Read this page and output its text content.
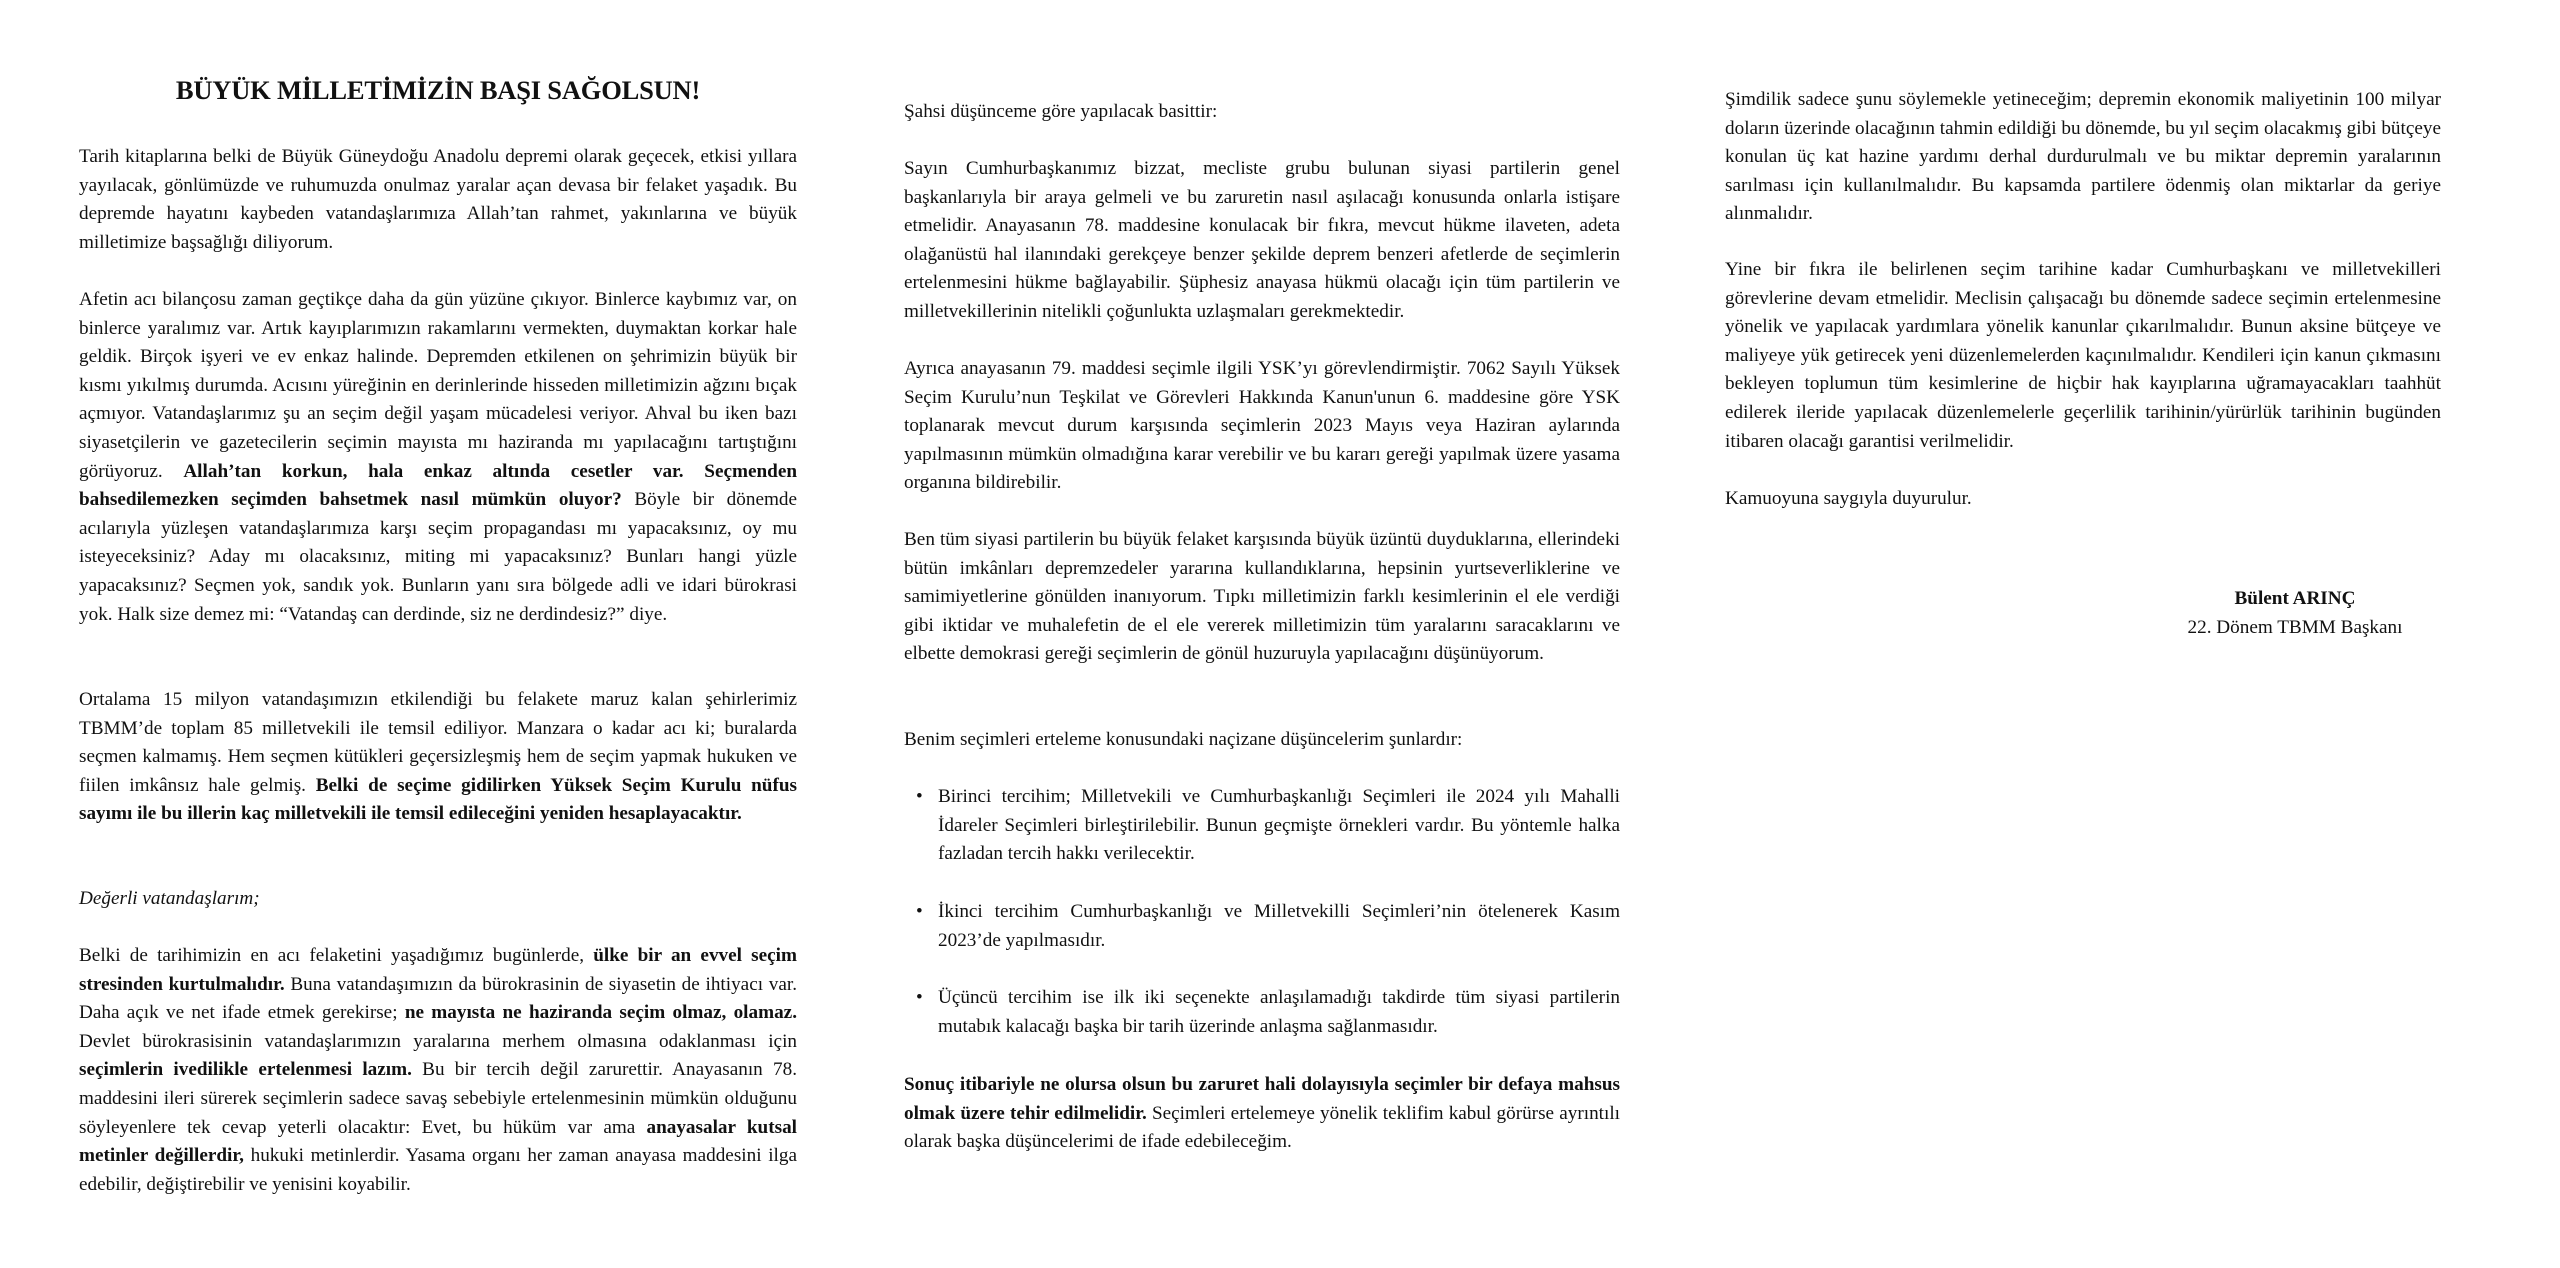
BÜYÜK MİLLETİMİZİN BAŞI SAĞOLSUN!

Tarih kitaplarına belki de Büyük Güneydoğu Anadolu depremi olarak geçecek, etkisi yıllara yayılacak, gönlümüzde ve ruhumuzda onulmaz yaralar açan devasa bir felaket yaşadık. Bu depremde hayatını kaybeden vatandaşlarımıza Allah’tan rahmet, yakınlarına ve büyük milletimize başsağlığı diliyorum.

Afetin acı bilançosu zaman geçtikçe daha da gün yüzüne çıkıyor. Binlerce kaybımız var, on binlerce yaralımız var. Artık kayıplarımızın rakamlarını vermekten, duymaktan korkar hale geldik. Birçok işyeri ve ev enkaz halinde. Depremden etkilenen on şehrimizin büyük bir kısmı yıkılmış durumda. Acısını yüreğinin en derinlerinde hisseden milletimizin ağzını bıçak açmıyor. Vatandaşlarımız şu an seçim değil yaşam mücadelesi veriyor. Ahval bu iken bazı siyasetçilerin ve gazetecilerin seçimin mayısta mı haziranda mı yapılacağını tartıştığını görüyoruz. Allah’tan korkun, hala enkaz altında cesetler var. Seçmenden bahsedilemezken seçimden bahsetmek nasıl mümkün oluyor? Böyle bir dönemde acılarıyla yüzleşen vatandaşlarımıza karşı seçim propagandası mı yapacaksınız, oy mu isteyeceksiniz? Aday mı olacaksınız, miting mi yapacaksınız? Bunları hangi yüzle yapacaksınız? Seçmen yok, sandık yok. Bunların yanı sıra bölgede adli ve idari bürokrasi yok. Halk size demez mi: “Vatandaş can derdinde, siz ne derdindesiz?” diye.

Ortalama 15 milyon vatandaşımızın etkilendiği bu felakete maruz kalan şehirlerimiz TBMM’de toplam 85 milletvekili ile temsil ediliyor. Manzara o kadar acı ki; buralarda seçmen kalmamış. Hem seçmen kütükleri geçersizleşmiş hem de seçim yapmak hukuken ve fiilen imkânsız hale gelmiş. Belki de seçime gidilirken Yüksek Seçim Kurulu nüfus sayımı ile bu illerin kaç milletvekili ile temsil edileceğini yeniden hesaplayacaktır.

Değerli vatandaşlarım;

Belki de tarihimizin en acı felaketini yaşadığımız bugünlerde, ülke bir an evvel seçim stresinden kurtulmalıdır. Buna vatandaşımızın da bürokrasinin de siyasetin de ihtiyacı var. Daha açık ve net ifade etmek gerekirse; ne mayısta ne haziranda seçim olmaz, olamaz. Devlet bürokrasisinin vatandaşlarımızın yaralarına merhem olmasına odaklanması için seçimlerin ivedilikle ertelenmesi lazım. Bu bir tercih değil zarurettir. Anayasanın 78. maddesini ileri sürerek seçimlerin sadece savaş sebebiyle ertelenmesinin mümkün olduğunu söyleyenlere tek cevap yeterli olacaktır: Evet, bu hüküm var ama anayasalar kutsal metinler değillerdir, hukuki metinlerdir. Yasama organı her zaman anayasa maddesini ilga edebilir, değiştirebilir ve yenisini koyabilir.

Şahsi düşünceme göre yapılacak basittir:

Sayın Cumhurbaşkanımız bizzat, mecliste grubu bulunan siyasi partilerin genel başkanlarıyla bir araya gelmeli ve bu zaruretin nasıl aşılacağı konusunda onlarla istişare etmelidir. Anayasanın 78. maddesine konulacak bir fıkra, mevcut hükme ilaveten, adeta olağanüstü hal ilanındaki gerekçeye benzer şekilde deprem benzeri afetlerde de seçimlerin ertelenmesini hükme bağlayabilir. Şüphesiz anayasa hükmü olacağı için tüm partilerin ve milletvekillerinin nitelikli çoğunlukta uzlaşmaları gerekmektedir.

Ayrıca anayasanın 79. maddesi seçimle ilgili YSK’yı görevlendirmiştir. 7062 Sayılı Yüksek Seçim Kurulu’nun Teşkilat ve Görevleri Hakkında Kanun'unun 6. maddesine göre YSK toplanarak mevcut durum karşısında seçimlerin 2023 Mayıs veya Haziran aylarında yapılmasının mümkün olmadığına karar verebilir ve bu kararı gereği yapılmak üzere yasama organına bildirebilir.

Ben tüm siyasi partilerin bu büyük felaket karşısında büyük üzüntü duyduklarına, ellerindeki bütün imkânları depremzedeler yararına kullandıklarına, hepsinin yurtseverliklerine ve samimiyetlerine gönülden inanıyorum. Tıpkı milletimizin farklı kesimlerinin el ele verdiği gibi iktidar ve muhalefetin de el ele vererek milletimizin tüm yaralarını saracaklarını ve elbette demokrasi gereği seçimlerin de gönül huzuruyla yapılacağını düşünüyorum.

Benim seçimleri erteleme konusundaki naçizane düşüncelerim şunlardır:

• Birinci tercihim; Milletvekili ve Cumhurbaşkanlığı Seçimleri ile 2024 yılı Mahalli İdareler Seçimleri birleştirilebilir. Bunun geçmişte örnekleri vardır. Bu yöntemle halka fazladan tercih hakkı verilecektir.
• İkinci tercihim Cumhurbaşkanlığı ve Milletvekilli Seçimleri’nin ötelenerek Kasım 2023’de yapılmasıdır.
• Üçüncü tercihim ise ilk iki seçenekte anlaşılamadığı takdirde tüm siyasi partilerin mutabık kalacağı başka bir tarih üzerinde anlaşma sağlanmasıdır.

Sonuç itibariyle ne olursa olsun bu zaruret hali dolayısıyla seçimler bir defaya mahsus olmak üzere tehir edilmelidir. Seçimleri ertelemeye yönelik teklifim kabul görürse ayrıntılı olarak başka düşüncelerimi de ifade edebileceğim.

Şimdilik sadece şunu söylemekle yetineceğim; depremin ekonomik maliyetinin 100 milyar doların üzerinde olacağının tahmin edildiği bu dönemde, bu yıl seçim olacakmış gibi bütçeye konulan üç kat hazine yardımı derhal durdurulmalı ve bu miktar depremin yaralarının sarılması için kullanılmalıdır. Bu kapsamda partilere ödenmiş olan miktarlar da geriye alınmalıdır.

Yine bir fıkra ile belirlenen seçim tarihine kadar Cumhurbaşkanı ve milletvekilleri görevlerine devam etmelidir. Meclisin çalışacağı bu dönemde sadece seçimin ertelenmesine yönelik ve yapılacak yardımlara yönelik kanunlar çıkarılmalıdır. Bunun aksine bütçeye ve maliyeye yük getirecek yeni düzenlemelerden kaçınılmalıdır. Kendileri için kanun çıkmasını bekleyen toplumun tüm kesimlerine de hiçbir hak kayıplarına uğramayacakları taahhüt edilerek ileride yapılacak düzenlemelerle geçerlilik tarihinin/yürürlük tarihinin bugünden itibaren olacağı garantisi verilmelidir.

Kamuoyuna saygıyla duyurulur.

Bülent ARINÇ
22. Dönem TBMM Başkanı
